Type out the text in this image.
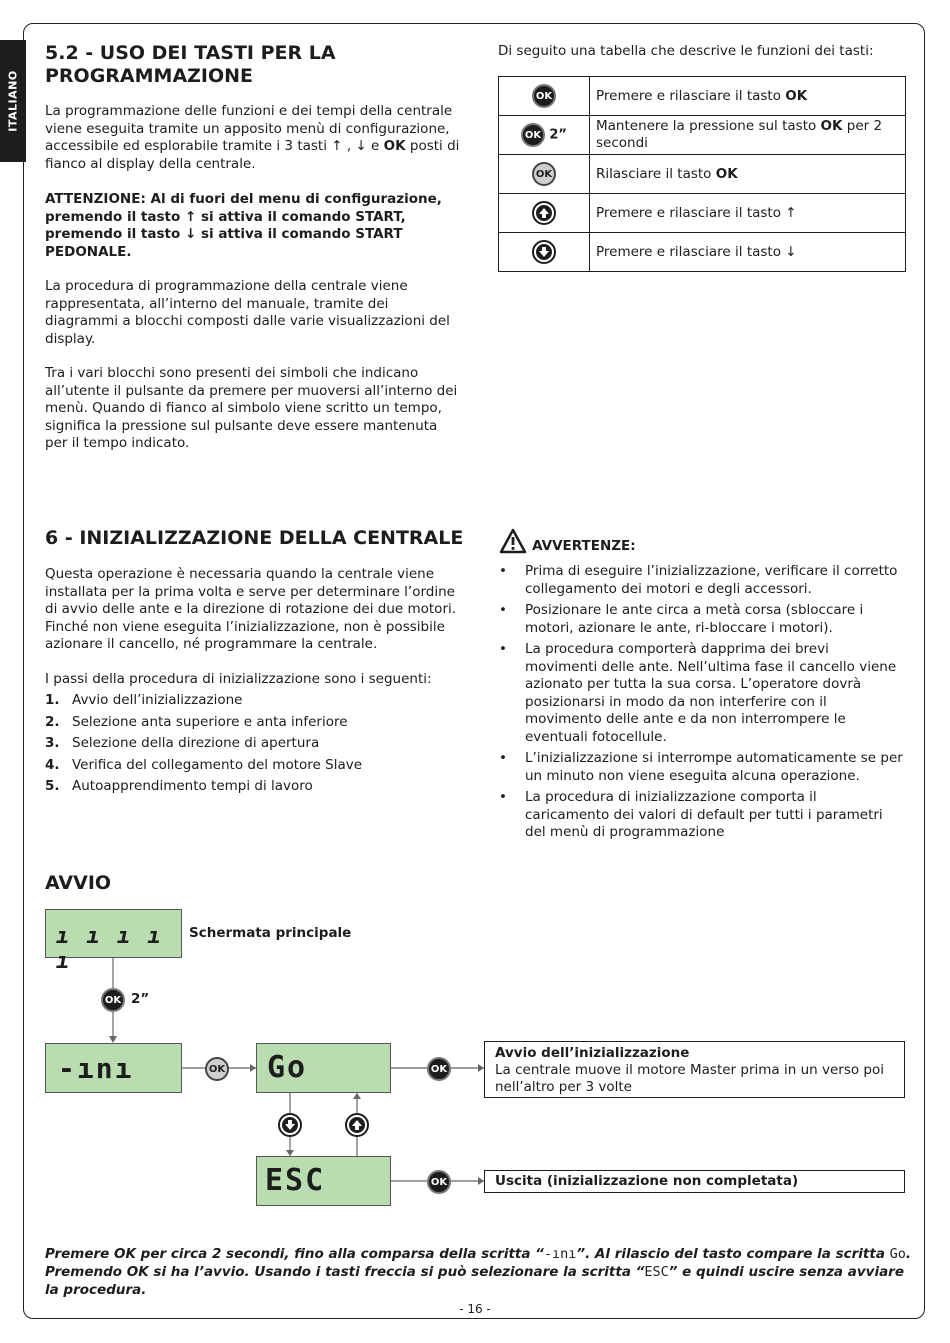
ITALIANO
5.2 - USO DEI TASTI PER LA PROGRAMMAZIONE

La programmazione delle funzioni e dei tempi della centrale viene eseguita tramite un apposito menù di configurazione, accessibile ed esplorabile tramite i 3 tasti ↑ , ↓ e OK posti di fianco al display della centrale.

ATTENZIONE: Al di fuori del menu di configurazione, premendo il tasto ↑ si attiva il comando START, premendo il tasto ↓ si attiva il comando START PEDONALE.

La procedura di programmazione della centrale viene rappresentata, all’interno del manuale, tramite dei diagrammi a blocchi composti dalle varie visualizzazioni del display.

Tra i vari blocchi sono presenti dei simboli che indicano all’utente il pulsante da premere per muoversi all’interno dei menù. Quando di fianco al simbolo viene scritto un tempo, significa la pressione sul pulsante deve essere mantenuta per il tempo indicato.

Di seguito una tabella che descrive le funzioni dei tasti:

OK	Premere e rilasciare il tasto OK
OK 2”	Mantenere la pressione sul tasto OK per 2 secondi
OK	Rilasciare il tasto OK

	Premere e rilasciare il tasto ↑

	Premere e rilasciare il tasto ↓
6 - INIZIALIZZAZIONE DELLA CENTRALE

Questa operazione è necessaria quando la centrale viene installata per la prima volta e serve per determinare l’ordine di avvio delle ante e la direzione di rotazione dei due motori. Finché non viene eseguita l’inizializzazione, non è possibile azionare il cancello, né programmare la centrale.

I passi della procedura di inizializzazione sono i seguenti:

1. Avvio dell’inizializzazione
2. Selezione anta superiore e anta inferiore
3. Selezione della direzione di apertura
4. Verifica del collegamento del motore Slave
5. Autoapprendimento tempi di lavoro
AVVERTENZE:
• Prima di eseguire l’inizializzazione, verificare il corretto collegamento dei motori e degli accessori.
• Posizionare le ante circa a metà corsa (sbloccare i motori, azionare le ante, ri-bloccare i motori).
• La procedura comporterà dapprima dei brevi movimenti delle ante. Nell’ultima fase il cancello viene azionato per tutta la sua corsa. L’operatore dovrà posizionarsi in modo da non interferire con il movimento delle ante e da non interrompere le eventuali fotocellule.
• L’inizializzazione si interrompe automaticamente se per un minuto non viene eseguita alcuna operazione.
• La procedura di inizializzazione comporta il caricamento dei valori di default per tutti i parametri del menù di programmazione
AVVIO
ı ı ı ı ı
Schermata principale
OK 2”
-ını	OK Go	OK
ESC	OK
Avvio dell’inizializzazione
La centrale muove il motore Master prima in un verso poi nell’altro per 3 volte
Uscita (inizializzazione non completata)
Premere OK per circa 2 secondi, fino alla comparsa della scritta “-ını”. Al rilascio del tasto compare la scritta Go.
Premendo OK si ha l’avvio. Usando i tasti freccia si può selezionare la scritta “ESC” e quindi uscire senza avviare la procedura.
- 16 -
